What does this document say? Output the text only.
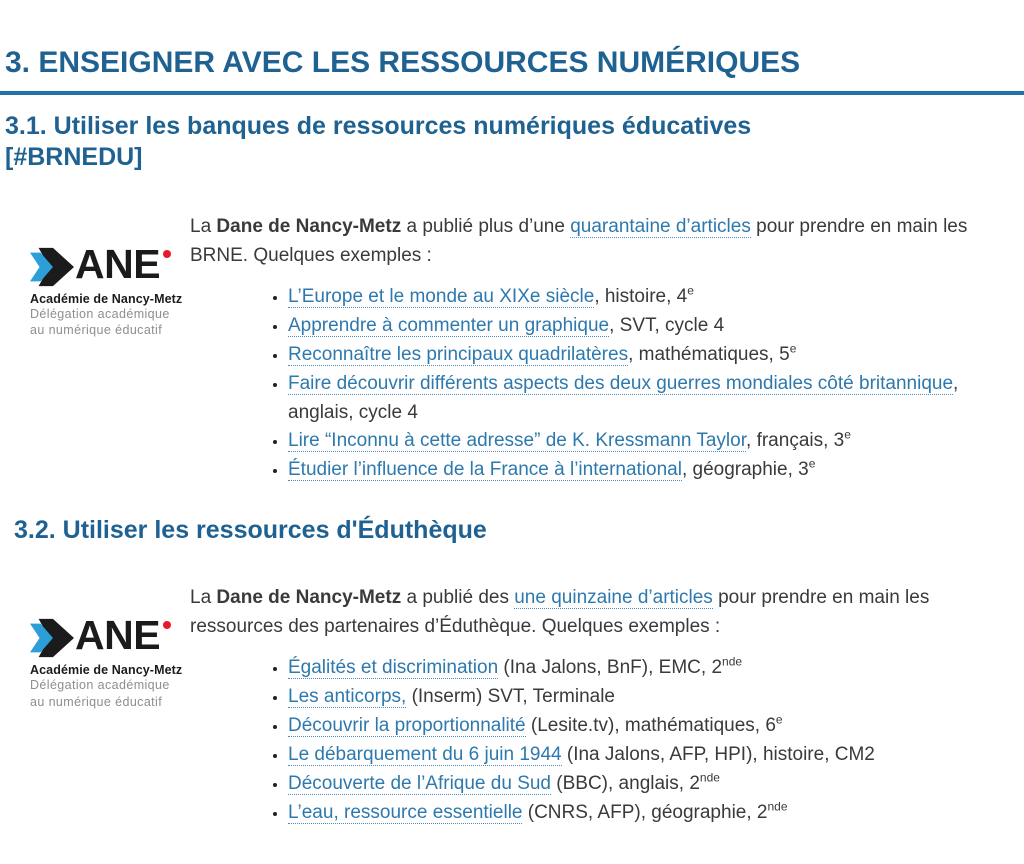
3. ENSEIGNER AVEC LES RESSOURCES NUMÉRIQUES
3.1. Utiliser les banques de ressources numériques éducatives
[#BRNEDU]
ANE
Académie de Nancy-Metz
Délégation académique
au numérique éducatif

La Dane de Nancy-Metz a publié plus d’une quarantaine d’articles pour prendre en main les BRNE. Quelques exemples :

• L’Europe et le monde au XIXe siècle, histoire, 4e
• Apprendre à commenter un graphique, SVT, cycle 4
• Reconnaître les principaux quadrilatères, mathématiques, 5e
• Faire découvrir différents aspects des deux guerres mondiales côté britannique, anglais, cycle 4
• Lire “Inconnu à cette adresse” de K. Kressmann Taylor, français, 3e
• Étudier l’influence de la France à l’international, géographie, 3e
3.2. Utiliser les ressources d'Éduthèque
ANE
Académie de Nancy-Metz
Délégation académique
au numérique éducatif

La Dane de Nancy-Metz a publié des une quinzaine d’articles pour prendre en main les ressources des partenaires d’Éduthèque. Quelques exemples :

• Égalités et discrimination (Ina Jalons, BnF), EMC, 2nde
• Les anticorps, (Inserm) SVT, Terminale
• Découvrir la proportionnalité (Lesite.tv), mathématiques, 6e
• Le débarquement du 6 juin 1944 (Ina Jalons, AFP, HPI), histoire, CM2
• Découverte de l’Afrique du Sud (BBC), anglais, 2nde
• L’eau, ressource essentielle (CNRS, AFP), géographie, 2nde
